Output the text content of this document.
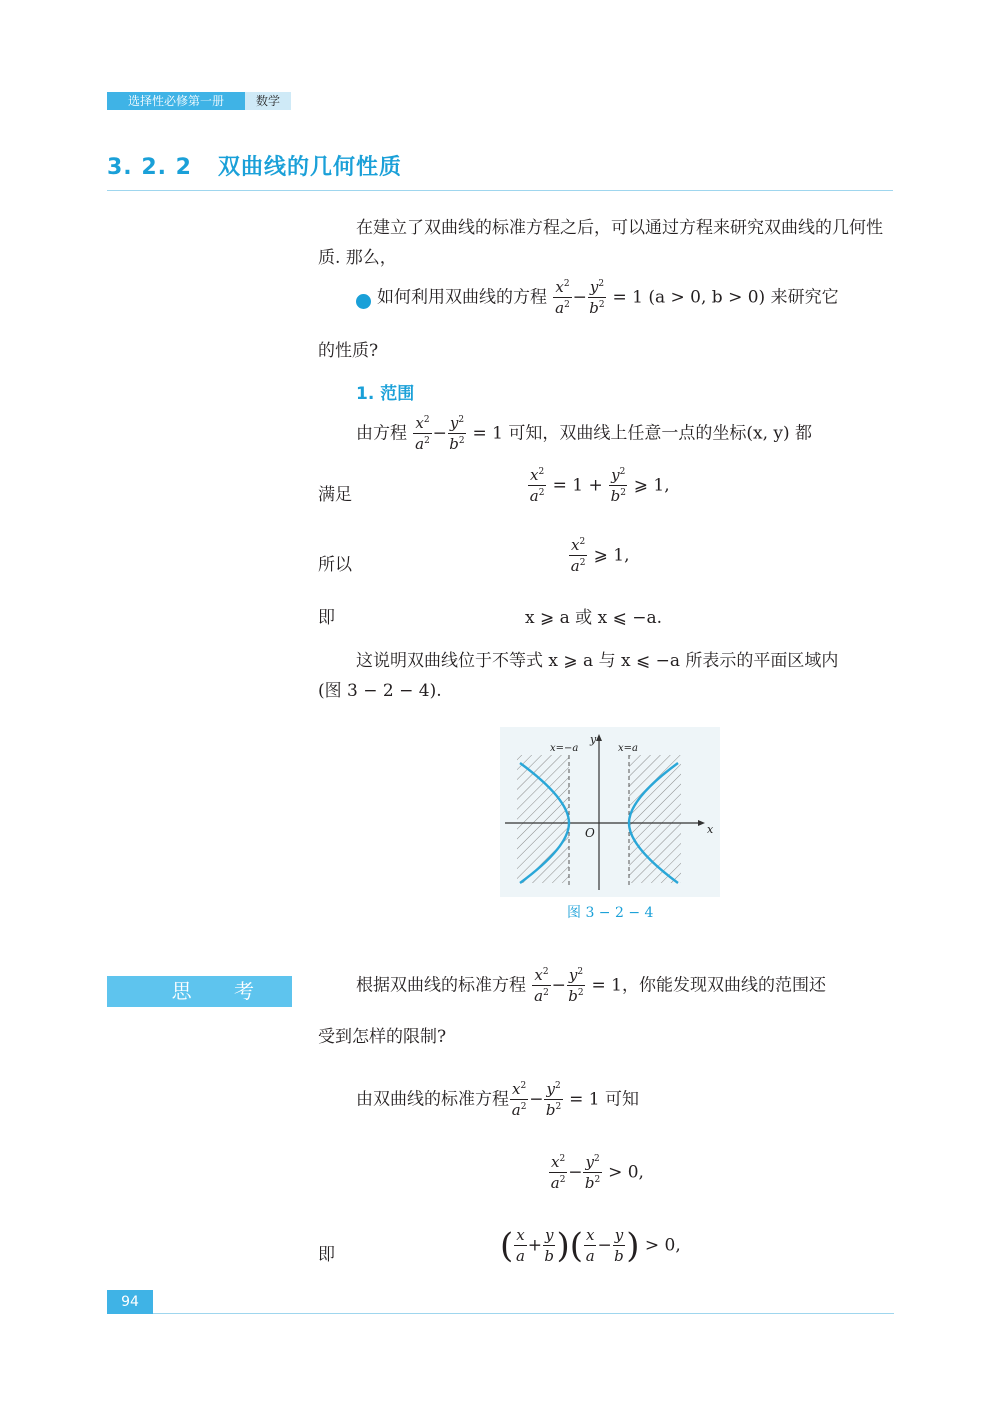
选择性必修第一册	数学
3. 2. 2 双曲线的几何性质
在建立了双曲线的标准方程之后，可以通过方程来研究双曲线的几何性质. 那么，
如何利用双曲线的方程 $\frac{x^2}{a^2} - \frac{y^2}{b^2} = 1$ (a > 0, b > 0) 来研究它
的性质?
1. 范围
由方程 $\frac{x^2}{a^2} - \frac{y^2}{b^2} = 1$ 可知，双曲线上任意一点的坐标(x, y) 都
满足	$\frac{x^2}{a^2} = 1 + \frac{y^2}{b^2}$ ⩾ 1,
所以	$\frac{x^2}{a^2}$ ⩾ 1,
即	x ⩾ a 或 x ⩽ −a.
这说明双曲线位于不等式 x ⩾ a 与 x ⩽ −a 所表示的平面区域内
(图 3 − 2 − 4).
x=−a	x=a
x
y
O
图 3 − 2 − 4
思 考	根据双曲线的标准方程 $\frac{x^2}{a^2} - \frac{y^2}{b^2} = 1$，你能发现双曲线的范围还
受到怎样的限制?
由双曲线的标准方程 $\frac{x^2}{a^2} - \frac{y^2}{b^2} = 1$ 可知
$\frac{x^2}{a^2} - \frac{y^2}{b^2} > 0$,
即	( $\frac{x}{a} + \frac{y}{b}$ )( $\frac{x}{a} - \frac{y}{b}$ ) > 0,
94
